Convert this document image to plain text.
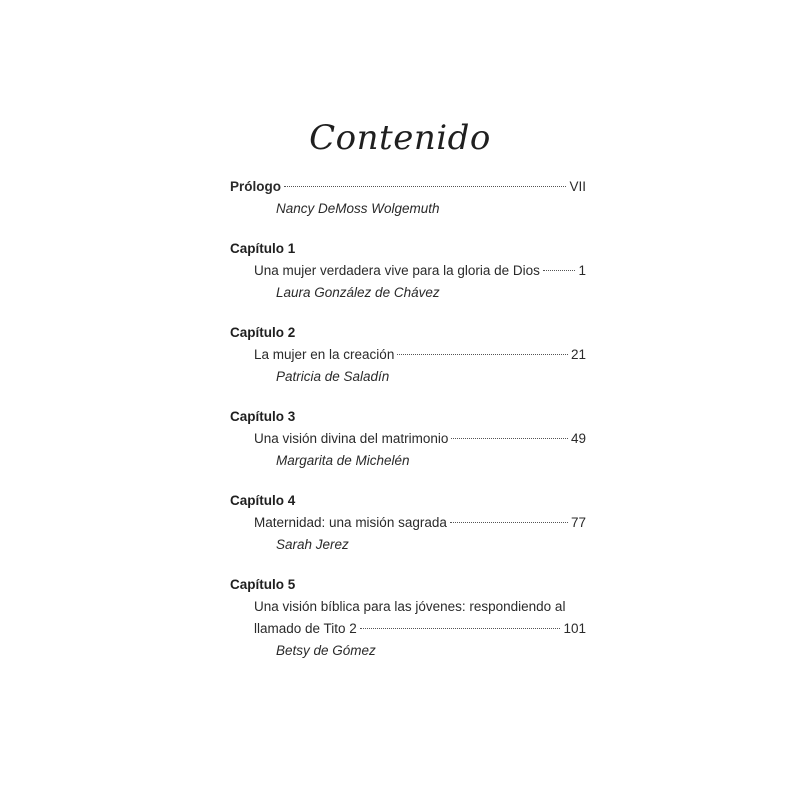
Contenido
Prólogo	VII
Nancy DeMoss Wolgemuth
Capítulo 1
Una mujer verdadera vive para la gloria de Dios	1
Laura González de Chávez
Capítulo 2
La mujer en la creación	21
Patricia de Saladín
Capítulo 3
Una visión divina del matrimonio	49
Margarita de Michelén
Capítulo 4
Maternidad: una misión sagrada	77
Sarah Jerez
Capítulo 5
Una visión bíblica para las jóvenes: respondiendo al
llamado de Tito 2	101
Betsy de Gómez
